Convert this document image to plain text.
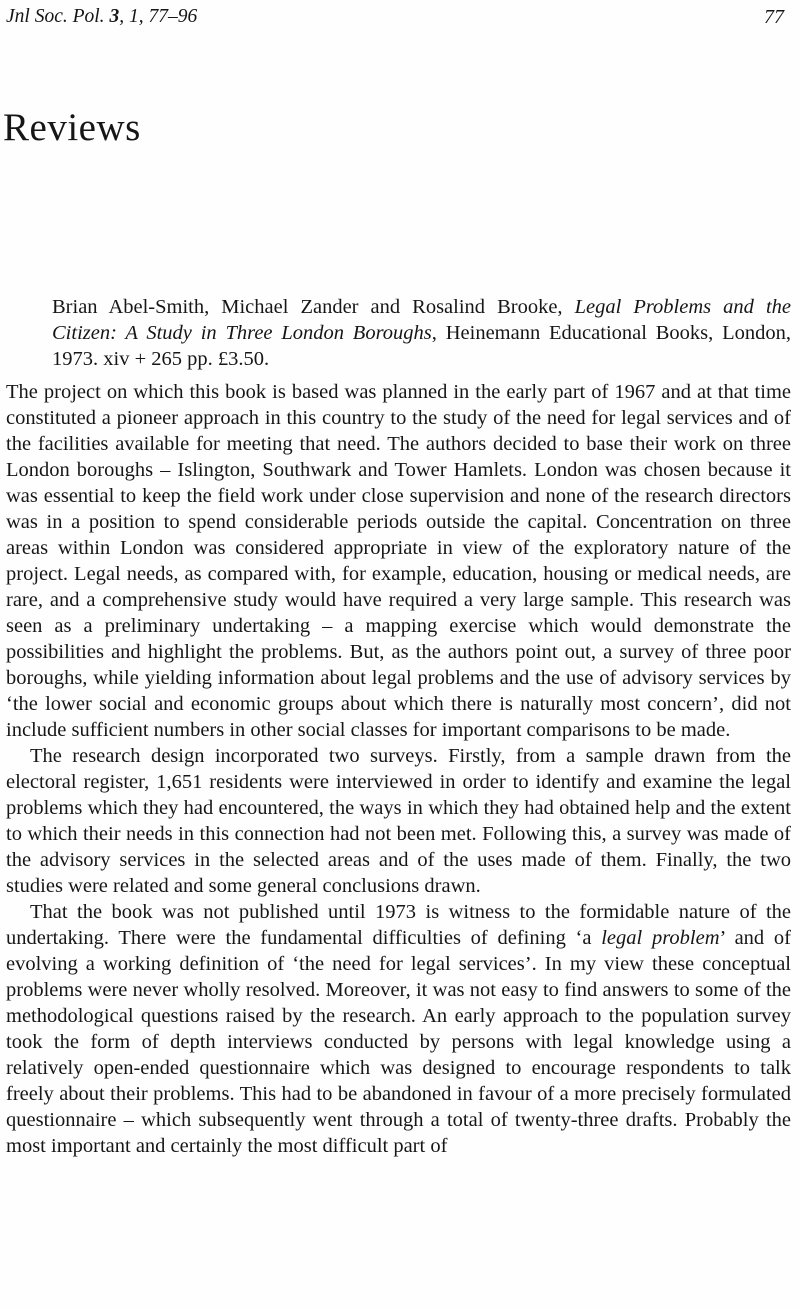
Jnl Soc. Pol. 3, 1, 77–96	77
Reviews

Brian Abel-Smith, Michael Zander and Rosalind Brooke, Legal Problems and the Citizen: A Study in Three London Boroughs, Heinemann Educational Books, London, 1973. xiv + 265 pp. £3.50.

The project on which this book is based was planned in the early part of 1967 and at that time constituted a pioneer approach in this country to the study of the need for legal services and of the facilities available for meeting that need. The authors decided to base their work on three London boroughs – Islington, Southwark and Tower Hamlets. London was chosen because it was essential to keep the field work under close supervision and none of the research directors was in a position to spend considerable periods outside the capital. Concentration on three areas within London was considered appropriate in view of the exploratory nature of the project. Legal needs, as compared with, for example, education, housing or medical needs, are rare, and a comprehensive study would have required a very large sample. This research was seen as a preliminary undertaking – a mapping exercise which would demonstrate the possibilities and highlight the problems. But, as the authors point out, a survey of three poor boroughs, while yielding information about legal problems and the use of advisory services by ‘the lower social and economic groups about which there is naturally most concern’, did not include sufficient numbers in other social classes for important comparisons to be made.

The research design incorporated two surveys. Firstly, from a sample drawn from the electoral register, 1,651 residents were interviewed in order to identify and examine the legal problems which they had encountered, the ways in which they had obtained help and the extent to which their needs in this connection had not been met. Following this, a survey was made of the advisory services in the selected areas and of the uses made of them. Finally, the two studies were related and some general conclusions drawn.

That the book was not published until 1973 is witness to the formidable nature of the undertaking. There were the fundamental difficulties of defining ‘a legal problem’ and of evolving a working definition of ‘the need for legal services’. In my view these conceptual problems were never wholly resolved. Moreover, it was not easy to find answers to some of the methodological questions raised by the research. An early approach to the population survey took the form of depth interviews conducted by persons with legal knowledge using a relatively open-ended questionnaire which was designed to encourage respondents to talk freely about their problems. This had to be abandoned in favour of a more precisely formulated questionnaire – which subsequently went through a total of twenty-three drafts. Probably the most important and certainly the most difficult part of
